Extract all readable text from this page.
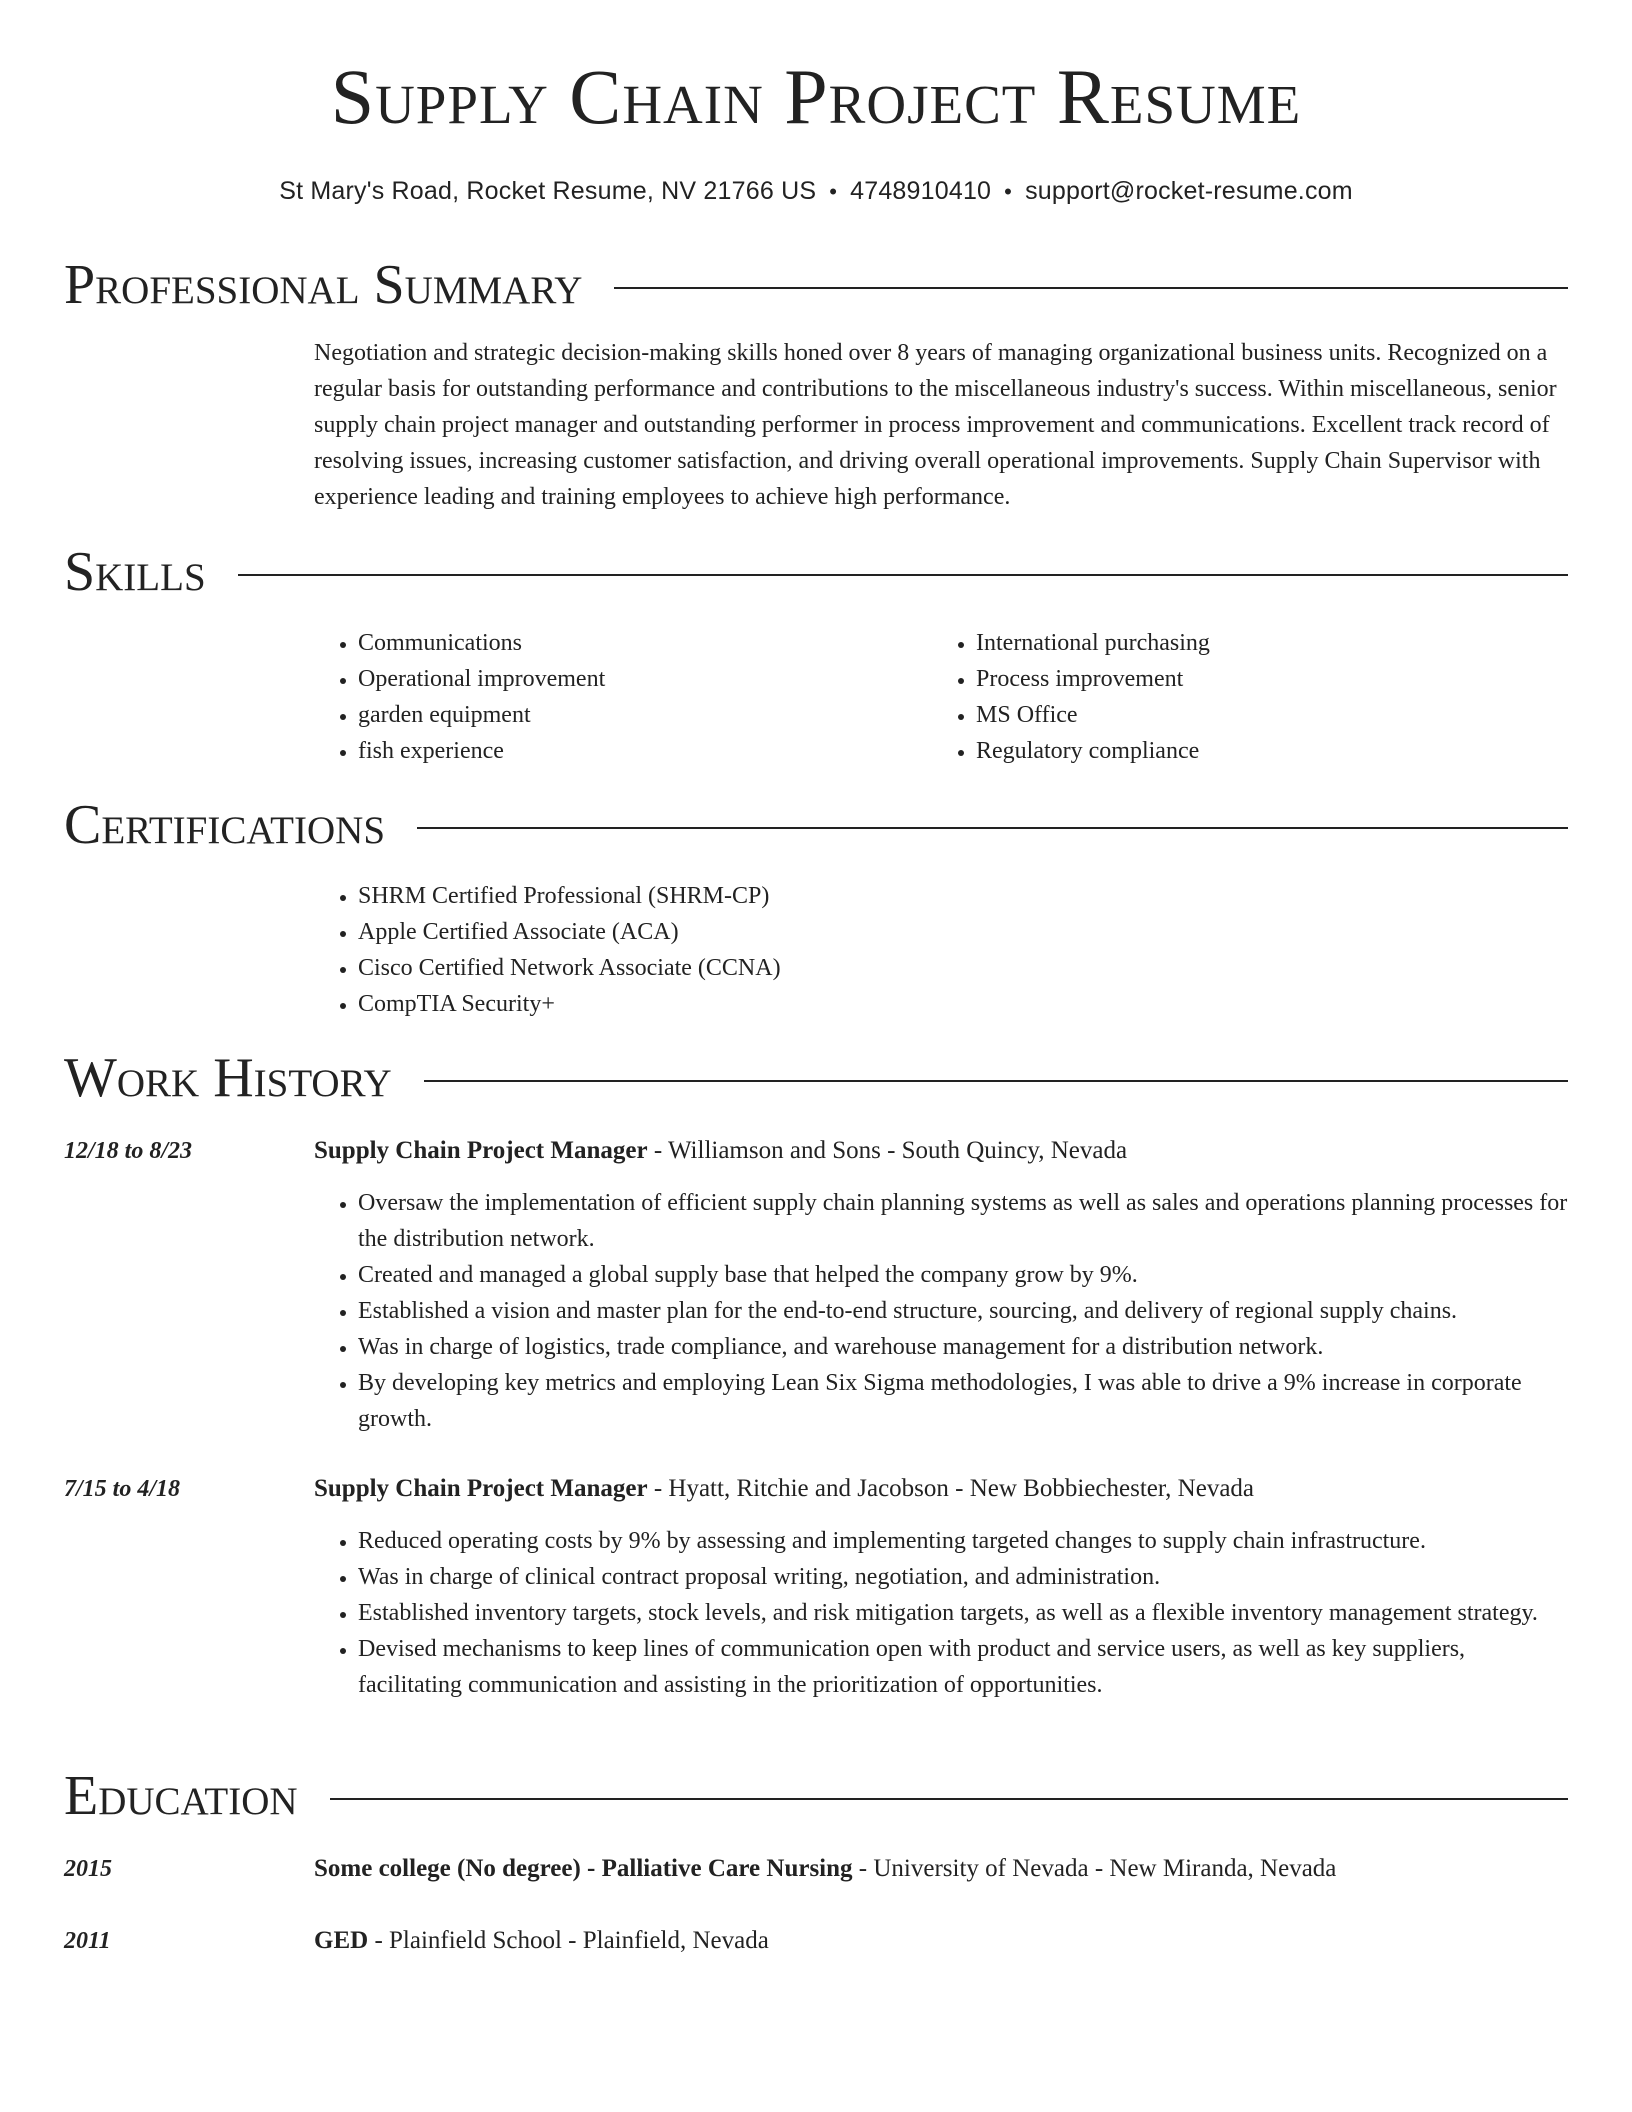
Supply Chain Project Resume
St Mary's Road, Rocket Resume, NV 21766 US • 4748910410 • support@rocket-resume.com
Professional Summary

Negotiation and strategic decision-making skills honed over 8 years of managing organizational business units. Recognized on a regular basis for outstanding performance and contributions to the miscellaneous industry's success. Within miscellaneous, senior supply chain project manager and outstanding performer in process improvement and communications. Excellent track record of resolving issues, increasing customer satisfaction, and driving overall operational improvements. Supply Chain Supervisor with experience leading and training employees to achieve high performance.

Skills
• Communications
• Operational improvement
• garden equipment
• fish experience
• International purchasing
• Process improvement
• MS Office
• Regulatory compliance
Certifications
• SHRM Certified Professional (SHRM-CP)
• Apple Certified Associate (ACA)
• Cisco Certified Network Associate (CCNA)
• CompTIA Security+
Work History
12/18 to 8/23	Supply Chain Project Manager - Williamson and Sons - South Quincy, Nevada
• Oversaw the implementation of efficient supply chain planning systems as well as sales and operations planning processes for the distribution network.
• Created and managed a global supply base that helped the company grow by 9%.
• Established a vision and master plan for the end-to-end structure, sourcing, and delivery of regional supply chains.
• Was in charge of logistics, trade compliance, and warehouse management for a distribution network.
• By developing key metrics and employing Lean Six Sigma methodologies, I was able to drive a 9% increase in corporate growth.
7/15 to 4/18	Supply Chain Project Manager - Hyatt, Ritchie and Jacobson - New Bobbiechester, Nevada
• Reduced operating costs by 9% by assessing and implementing targeted changes to supply chain infrastructure.
• Was in charge of clinical contract proposal writing, negotiation, and administration.
• Established inventory targets, stock levels, and risk mitigation targets, as well as a flexible inventory management strategy.
• Devised mechanisms to keep lines of communication open with product and service users, as well as key suppliers, facilitating communication and assisting in the prioritization of opportunities.
Education
2015	Some college (No degree) - Palliative Care Nursing - University of Nevada - New Miranda, Nevada
2011	GED - Plainfield School - Plainfield, Nevada
